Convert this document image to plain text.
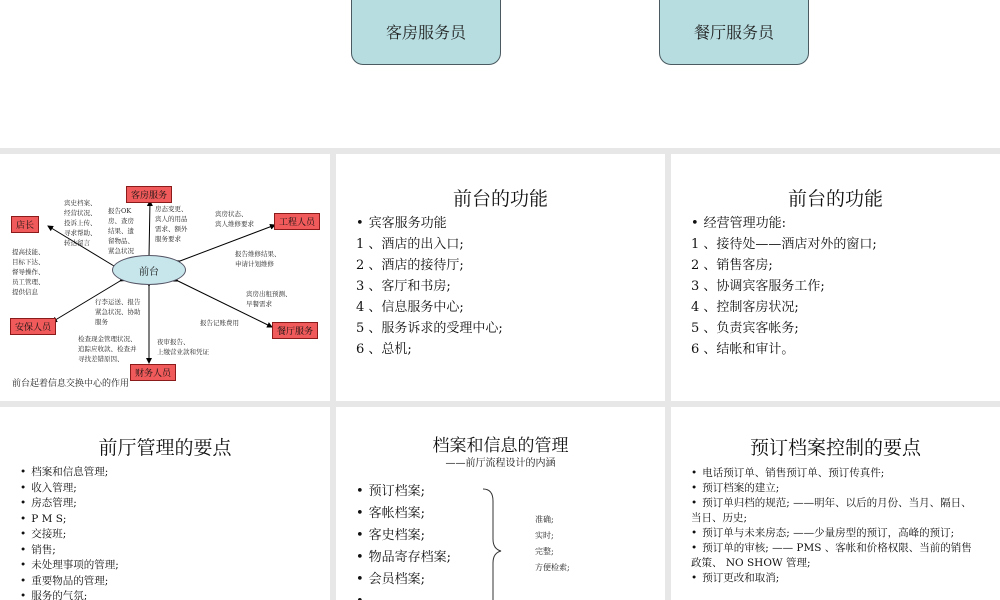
客房服务员	餐厅服务员
客房服务
工程人员
店长
安保人员	餐厅服务
财务人员
前台
宾史档案、
经营状况、
投诉上传、
寻求帮助、
转达留言
报告OK
房、查房
结果、遗
留物品、
紧急状况
房态变更、
宾人的用品
需求、额外
服务要求
宾房状态、
宾人维修要求
报告维修结果、
申请计划维修
提高技能、
目标下达、
督导操作、
员工管理、
提供信息
行李运送、报告
紧急状况、协助
服务
宾房出租预测、
早餐需求
报告记账费用
检查现金管理状况、
追踪应收款、检查并
寻找差错原因、
夜审报告、
上缴营业款和凭证
前台起着信息交换中心的作用
前台的功能
• 宾客服务功能
1 、酒店的出入口;
2 、酒店的接待厅;
3 、客厅和书房;
4 、信息服务中心;
5 、服务诉求的受理中心;
6 、总机;
前台的功能
• 经营管理功能:
1 、接待处——酒店对外的窗口;
2 、销售客房;
3 、协调宾客服务工作;
4 、控制客房状况;
5 、负责宾客帐务;
6 、结帐和审计。
前厅管理的要点
• 档案和信息管理;
• 收入管理;
• 房态管理;
• P M S;
• 交接班;
• 销售;
• 未处理事项的管理;
• 重要物品的管理;
• 服务的气氛;
档案和信息的管理
——前厅流程设计的内涵
• 预订档案;
• 客帐档案;
• 客史档案;
• 物品寄存档案;
• 会员档案;
•
准确;
实时;
完整;
方便检索;
预订档案控制的要点
• 电话预订单、销售预订单、预订传真件;
• 预订档案的建立;
• 预订单归档的规范; ——明年、以后的月份、当月、隔日、当日、历史;
• 预订单与未来房态; ——少量房型的预订，高峰的预订;
• 预订单的审核; —— PMS 、客帐和价格权限、当前的销售政策、 NO SHOW 管理;
• 预订更改和取消;
